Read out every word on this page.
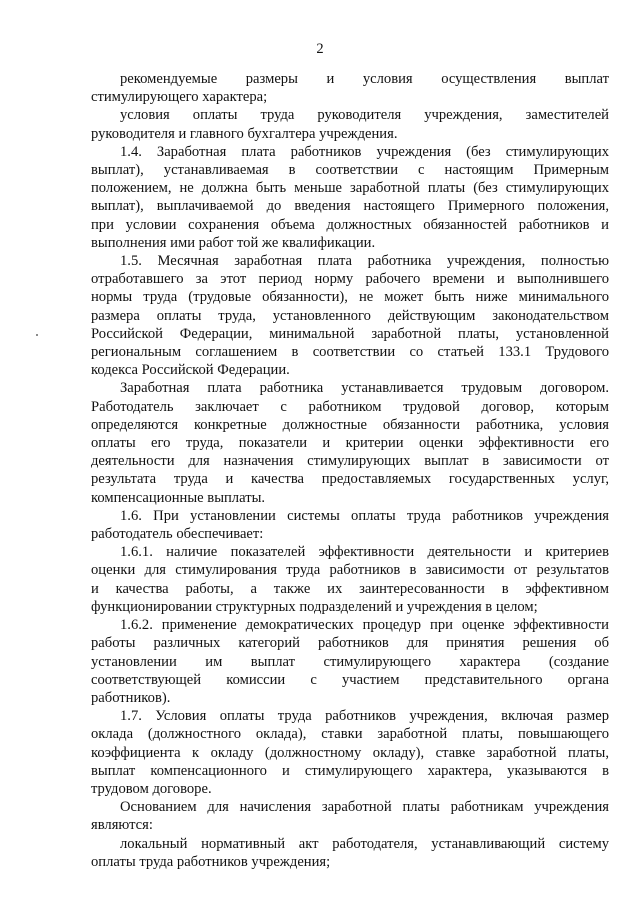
2
рекомендуемые размеры и условия осуществления выплат
стимулирующего характера;
условия оплаты труда руководителя учреждения, заместителей
руководителя и главного бухгалтера учреждения.
1.4. Заработная плата работников учреждения (без стимулирующих
выплат), устанавливаемая в соответствии с настоящим Примерным
положением, не должна быть меньше заработной платы (без стимулирующих
выплат), выплачиваемой до введения настоящего Примерного положения,
при условии сохранения объема должностных обязанностей работников и
выполнения ими работ той же квалификации.
1.5. Месячная заработная плата работника учреждения, полностью
отработавшего за этот период норму рабочего времени и выполнившего
нормы труда (трудовые обязанности), не может быть ниже минимального
размера оплаты труда, установленного действующим законодательством
Российской Федерации, минимальной заработной платы, установленной
региональным соглашением в соответствии со статьей 133.1 Трудового
кодекса Российской Федерации.
Заработная плата работника устанавливается трудовым договором.
Работодатель заключает с работником трудовой договор, которым
определяются конкретные должностные обязанности работника, условия
оплаты его труда, показатели и критерии оценки эффективности его
деятельности для назначения стимулирующих выплат в зависимости от
результата труда и качества предоставляемых государственных услуг,
компенсационные выплаты.
1.6. При установлении системы оплаты труда работников учреждения
работодатель обеспечивает:
1.6.1. наличие показателей эффективности деятельности и критериев
оценки для стимулирования труда работников в зависимости от результатов
и качества работы, а также их заинтересованности в эффективном
функционировании структурных подразделений и учреждения в целом;
1.6.2. применение демократических процедур при оценке эффективности
работы различных категорий работников для принятия решения об
установлении им выплат стимулирующего характера (создание
соответствующей комиссии с участием представительного органа
работников).
1.7. Условия оплаты труда работников учреждения, включая размер
оклада (должностного оклада), ставки заработной платы, повышающего
коэффициента к окладу (должностному окладу), ставке заработной платы,
выплат компенсационного и стимулирующего характера, указываются в
трудовом договоре.
Основанием для начисления заработной платы работникам учреждения
являются:
локальный нормативный акт работодателя, устанавливающий систему
оплаты труда работников учреждения;
